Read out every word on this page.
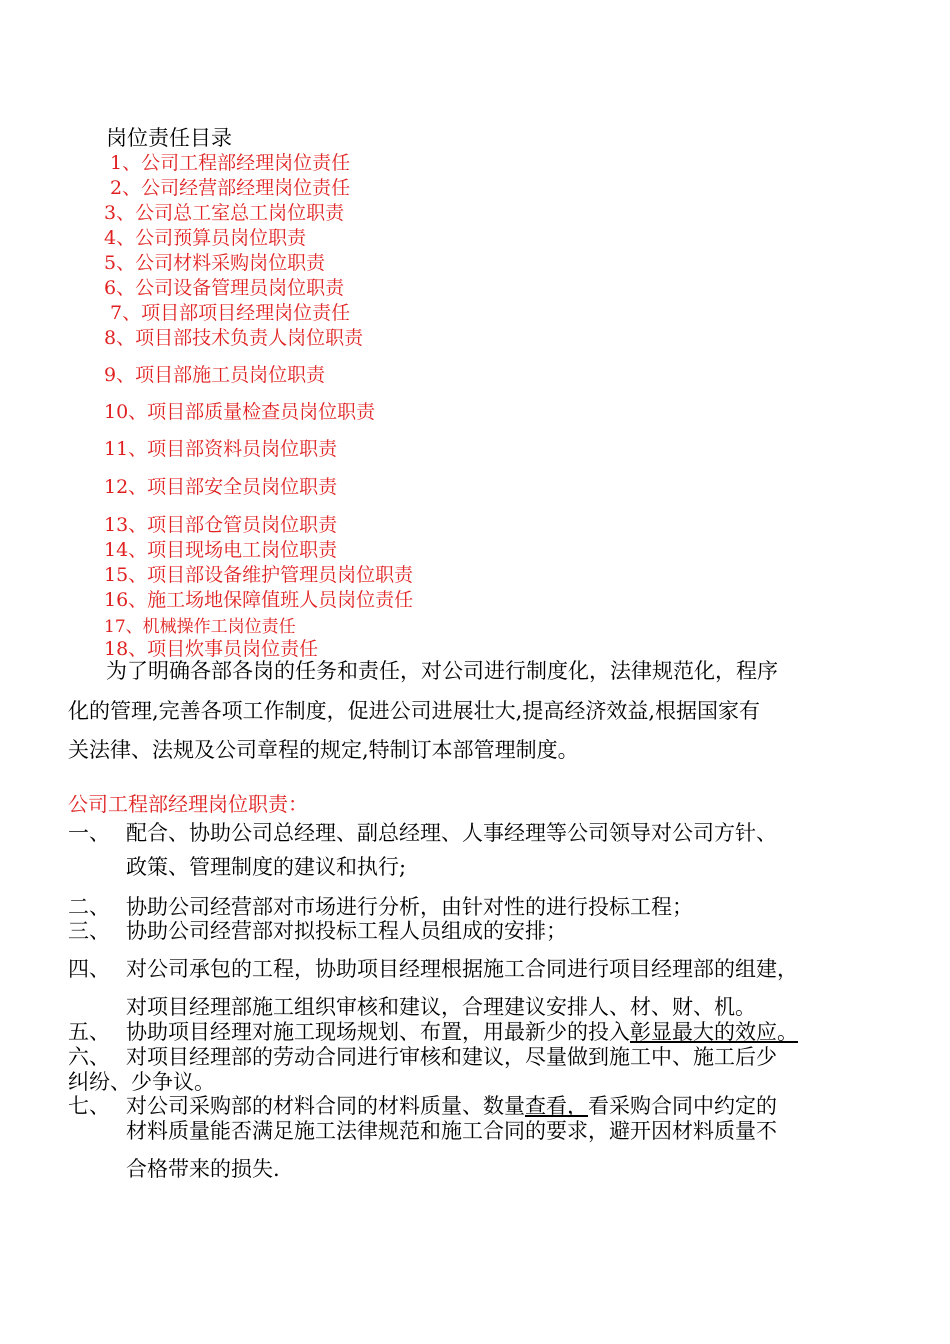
岗位责任目录
1、公司工程部经理岗位责任
2、公司经营部经理岗位责任
3、公司总工室总工岗位职责
4、公司预算员岗位职责
5、公司材料采购岗位职责
6、公司设备管理员岗位职责
7、项目部项目经理岗位责任
8、项目部技术负责人岗位职责
9、项目部施工员岗位职责
10、项目部质量检查员岗位职责
11、项目部资料员岗位职责
12、项目部安全员岗位职责
13、项目部仓管员岗位职责
14、项目现场电工岗位职责
15、项目部设备维护管理员岗位职责
16、施工场地保障值班人员岗位责任
17、机械操作工岗位责任
18、项目炊事员岗位责任
为了明确各部各岗的任务和责任，对公司进行制度化，法律规范化，程序
化的管理,完善各项工作制度，促进公司进展壮大,提高经济效益,根据国家有
关法律、法规及公司章程的规定,特制订本部管理制度。
公司工程部经理岗位职责：
一、 配合、协助公司总经理、副总经理、人事经理等公司领导对公司方针、
政策、管理制度的建议和执行;
二、 协助公司经营部对市场进行分析，由针对性的进行投标工程；
三、 协助公司经营部对拟投标工程人员组成的安排；
四、 对公司承包的工程，协助项目经理根据施工合同进行项目经理部的组建，
对项目经理部施工组织审核和建议，合理建议安排人、材、财、机。
五、 协助项目经理对施工现场规划、布置，用最新少的投入彰显最大的效应。
六、 对项目经理部的劳动合同进行审核和建议，尽量做到施工中、施工后少
纠纷、少争议。
七、 对公司采购部的材料合同的材料质量、数量查看，看采购合同中约定的
材料质量能否满足施工法律规范和施工合同的要求，避开因材料质量不
合格带来的损失.
